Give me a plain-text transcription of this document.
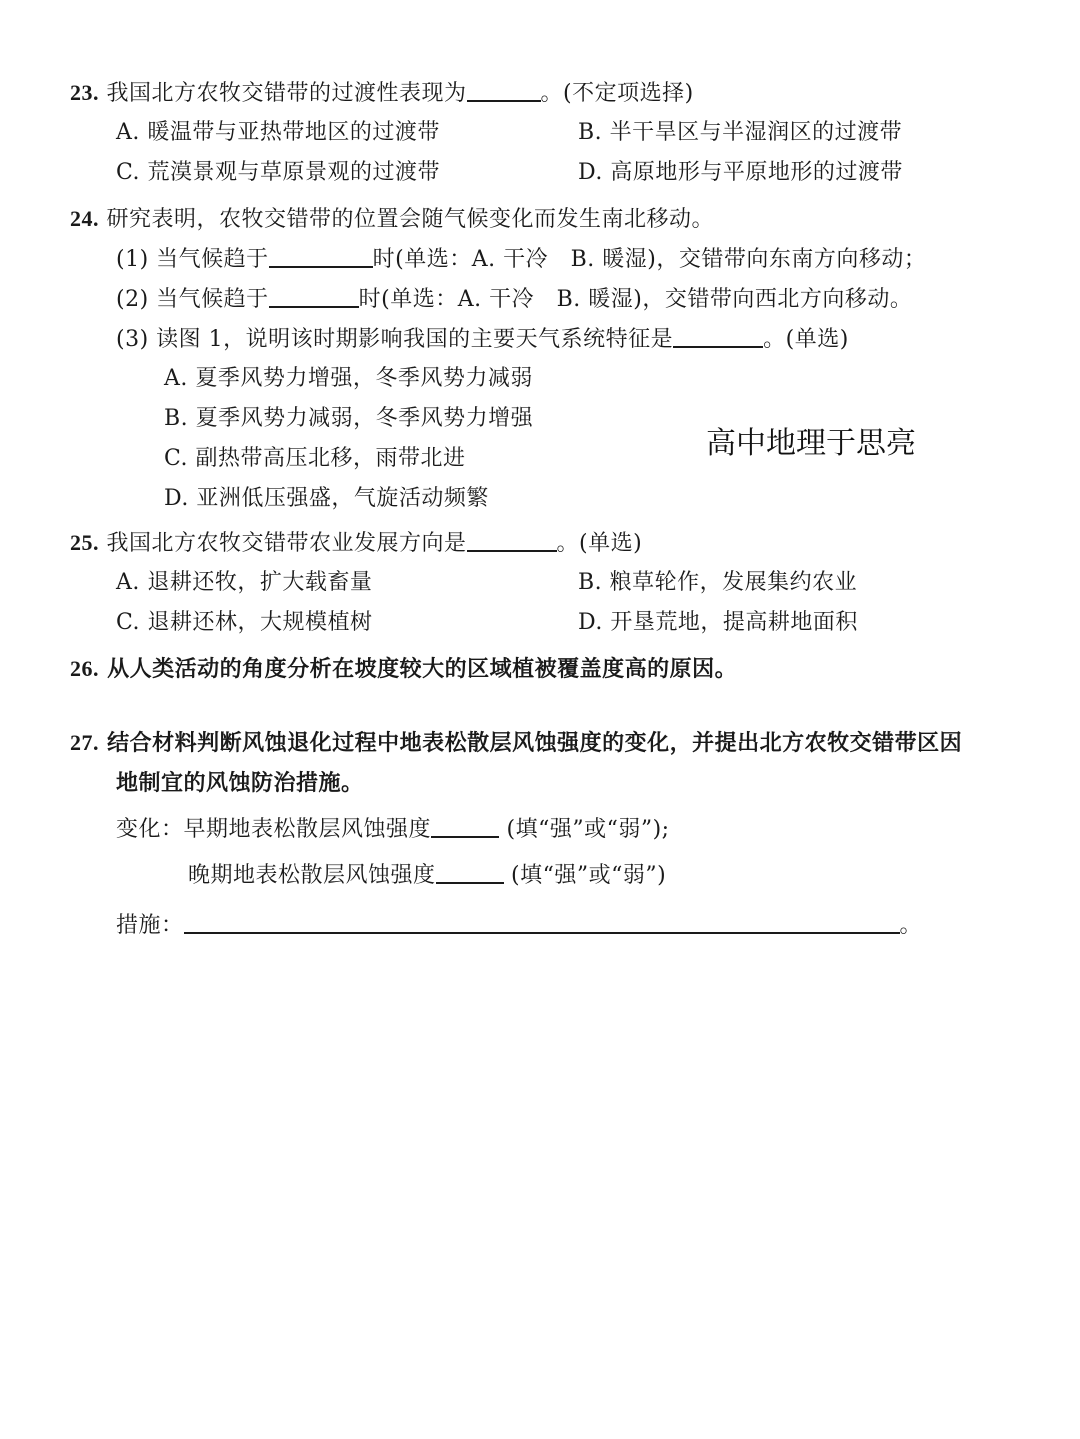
23. 我国北方农牧交错带的过渡性表现为	。(不定项选择)
A. 暖温带与亚热带地区的过渡带	B. 半干旱区与半湿润区的过渡带
C. 荒漠景观与草原景观的过渡带	D. 高原地形与平原地形的过渡带
24. 研究表明，农牧交错带的位置会随气候变化而发生南北移动。
(1) 当气候趋于	时(单选：A. 干冷　B. 暖湿)，交错带向东南方向移动；
(2) 当气候趋于	时(单选：A. 干冷　B. 暖湿)，交错带向西北方向移动。
(3) 读图 1，说明该时期影响我国的主要天气系统特征是	。(单选)
A. 夏季风势力增强，冬季风势力减弱
B. 夏季风势力减弱，冬季风势力增强
C. 副热带高压北移，雨带北进
D. 亚洲低压强盛，气旋活动频繁
高中地理于思亮
25. 我国北方农牧交错带农业发展方向是	。(单选)
A. 退耕还牧，扩大载畜量	B. 粮草轮作，发展集约农业
C. 退耕还林，大规模植树	D. 开垦荒地，提高耕地面积
26. 从人类活动的角度分析在坡度较大的区域植被覆盖度高的原因。
27. 结合材料判断风蚀退化过程中地表松散层风蚀强度的变化，并提出北方农牧交错带区因
地制宜的风蚀防治措施。
变化：早期地表松散层风蚀强度	(填“强”或“弱”);
晚期地表松散层风蚀强度	(填“强”或“弱”)
措施：	。
